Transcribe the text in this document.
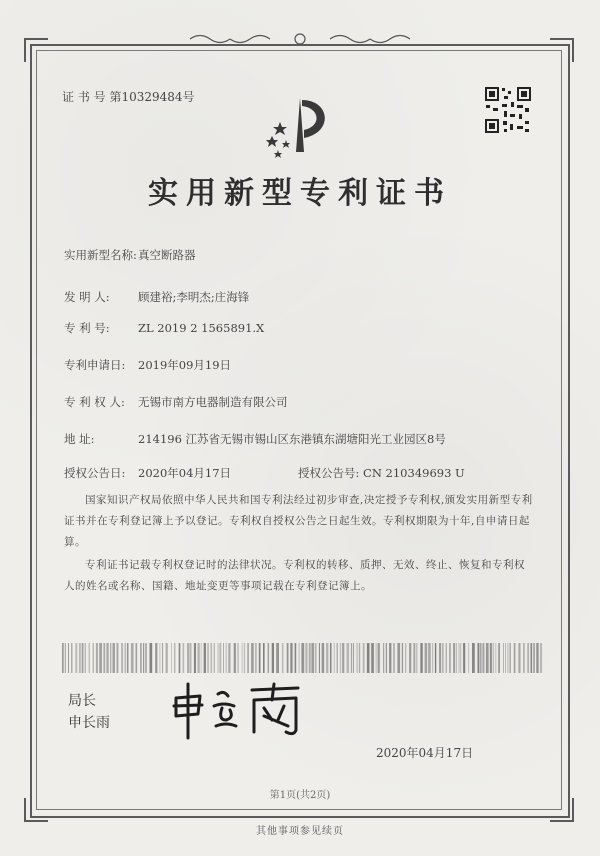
证 书 号 第10329484号
实用新型专利证书
实用新型名称:真空断路器
发 明 人: 顾建裕;李明杰;庄海锋
专 利 号: ZL 2019 2 1565891.X
专利申请日: 2019年09月19日
专 利 权 人: 无锡市南方电器制造有限公司
地 址:	214196 江苏省无锡市锡山区东港镇东湖塘阳光工业园区8号
授权公告日: 2020年04月17日	授权公告号: CN 210349693 U
国家知识产权局依照中华人民共和国专利法经过初步审查,决定授予专利权,颁发实用新型专利证书并在专利登记簿上予以登记。专利权自授权公告之日起生效。专利权期限为十年,自申请日起算。
专利证书记载专利权登记时的法律状况。专利权的转移、质押、无效、终止、恢复和专利权人的姓名或名称、国籍、地址变更等事项记载在专利登记簿上。
局长
申长雨
2020年04月17日
第1页(共2页)
其他事项参见续页
